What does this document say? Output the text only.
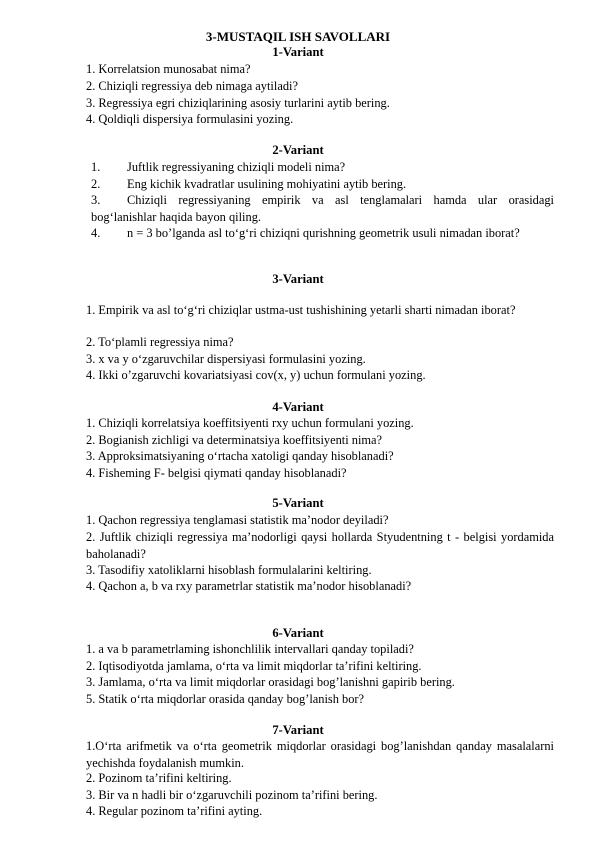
3-MUSTAQIL ISH SAVOLLARI
1-Variant
1. Korrelatsion munosabat nima?
2. Chiziqli regressiya deb nimaga aytiladi?
3. Regressiya egri chiziqlarining asosiy turlarini aytib bering.
4. Qoldiqli dispersiya formulasini yozing.
2-Variant
1. Juftlik regressiyaning chiziqli modeli nima?
2. Eng kichik kvadratlar usulining mohiyatini aytib bering.
3. Chiziqli regressiyaning empirik va asl tenglamalari hamda ular orasidagi bog‘lanishlar haqida bayon qiling.
4. n = 3 bo’lganda asl to‘g‘ri chiziqni qurishning geometrik usuli nimadan iborat?
3-Variant
1. Empirik va asl to‘g‘ri chiziqlar ustma-ust tushishining yetarli sharti nimadan iborat?
2. To‘plamli regressiya nima?
3. x va y o‘zgaruvchilar dispersiyasi formulasini yozing.
4. Ikki o’zgaruvchi kovariatsiyasi cov(x, y) uchun formulani yozing.
4-Variant
1. Chiziqli korrelatsiya koeffitsiyenti rxy uchun formulani yozing.
2. Bogianish zichligi va determinatsiya koeffitsiyenti nima?
3. Approksimatsiyaning o‘rtacha xatoligi qanday hisoblanadi?
4. Fisheming F- belgisi qiymati qanday hisoblanadi?
5-Variant
1. Qachon regressiya tenglamasi statistik ma’nodor deyiladi?
2. Juftlik chiziqli regressiya ma’nodorligi qaysi hollarda Styudentning t - belgisi yordamida baholanadi?
3. Tasodifiy xatoliklarni hisoblash formulalarini keltiring.
4. Qachon a, b va rxy parametrlar statistik ma’nodor hisoblanadi?
6-Variant
1. a va b parametrlaming ishonchlilik intervallari qanday topiladi?
2. Iqtisodiyotda jamlama, o‘rta va limit miqdorlar ta’rifini keltiring.
3. Jamlama, o‘rta va limit miqdorlar orasidagi bog’lanishni gapirib bering.
5. Statik o‘rta miqdorlar orasida qanday bog’lanish bor?
7-Variant
1.O‘rta arifmetik va o‘rta geometrik miqdorlar orasidagi bog’lanishdan qanday masalalarni yechishda foydalanish mumkin.
2. Pozinom ta’rifini keltiring.
3. Bir va n hadli bir o‘zgaruvchili pozinom ta’rifini bering.
4. Regular pozinom ta’rifini ayting.
